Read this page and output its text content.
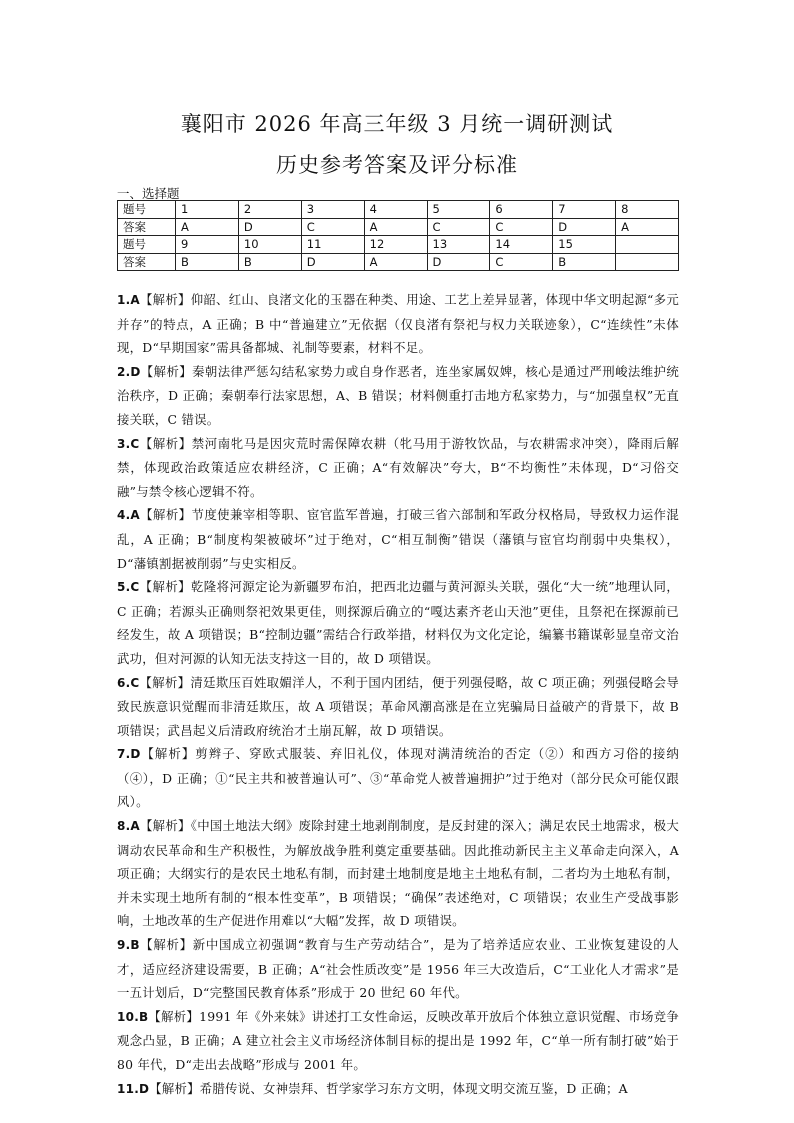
襄阳市 2026 年高三年级 3 月统一调研测试
历史参考答案及评分标准
一、选择题
题号	1	2	3	4	5	6	7	8
答案	A	D	C	A	C	C	D	A
题号	9	10	11	12	13	14	15	
答案	B	B	D	A	D	C	B	

1.A【解析】仰韶、红山、良渚文化的玉器在种类、用途、工艺上差异显著，体现中华文明起源“多元并存”的特点，A 正确；B 中“普遍建立”无依据（仅良渚有祭祀与权力关联迹象），C“连续性”未体现，D“早期国家”需具备都城、礼制等要素，材料不足。

2.D【解析】秦朝法律严惩勾结私家势力或自身作恶者，连坐家属奴婢，核心是通过严刑峻法维护统治秩序，D 正确；秦朝奉行法家思想，A、B 错误；材料侧重打击地方私家势力，与“加强皇权”无直接关联，C 错误。

3.C【解析】禁河南牝马是因灾荒时需保障农耕（牝马用于游牧饮品，与农耕需求冲突），降雨后解禁，体现政治政策适应农耕经济，C 正确；A“有效解决”夸大，B“不均衡性”未体现，D“习俗交融”与禁令核心逻辑不符。

4.A【解析】节度使兼宰相等职、宦官监军普遍，打破三省六部制和军政分权格局，导致权力运作混乱，A 正确；B“制度构架被破坏”过于绝对，C“相互制衡”错误（藩镇与宦官均削弱中央集权），D“藩镇割据被削弱”与史实相反。

5.C【解析】乾隆将河源定论为新疆罗布泊，把西北边疆与黄河源头关联，强化“大一统”地理认同，C 正确；若源头正确则祭祀效果更佳，则探源后确立的“嘎达素齐老山天池”更佳，且祭祀在探源前已经发生，故 A 项错误；B“控制边疆”需结合行政举措，材料仅为文化定论，编纂书籍谋彰显皇帝文治武功，但对河源的认知无法支持这一目的，故 D 项错误。

6.C【解析】清廷欺压百姓取媚洋人，不利于国内团结，便于列强侵略，故 C 项正确；列强侵略会导致民族意识觉醒而非清廷欺压，故 A 项错误；革命风潮高涨是在立宪骗局日益破产的背景下，故 B 项错误；武昌起义后清政府统治才土崩瓦解，故 D 项错误。

7.D【解析】剪辫子、穿欧式服装、弃旧礼仪，体现对满清统治的否定（②）和西方习俗的接纳（④），D 正确；①“民主共和被普遍认可”、③“革命党人被普遍拥护”过于绝对（部分民众可能仅跟风）。

8.A【解析】《中国土地法大纲》废除封建土地剥削制度，是反封建的深入；满足农民土地需求，极大调动农民革命和生产积极性，为解放战争胜利奠定重要基础。因此推动新民主主义革命走向深入，A 项正确；大纲实行的是农民土地私有制，而封建土地制度是地主土地私有制，二者均为土地私有制，并未实现土地所有制的“根本性变革”，B 项错误；“确保”表述绝对，C 项错误；农业生产受战事影响，土地改革的生产促进作用难以“大幅”发挥，故 D 项错误。

9.B【解析】新中国成立初强调“教育与生产劳动结合”，是为了培养适应农业、工业恢复建设的人才，适应经济建设需要，B 正确；A“社会性质改变”是 1956 年三大改造后，C“工业化人才需求”是一五计划后，D“完整国民教育体系”形成于 20 世纪 60 年代。

10.B【解析】1991 年《外来妹》讲述打工女性命运，反映改革开放后个体独立意识觉醒、市场竞争观念凸显，B 正确；A 建立社会主义市场经济体制目标的提出是 1992 年，C“单一所有制打破”始于 80 年代，D“走出去战略”形成与 2001 年。

11.D【解析】希腊传说、女神崇拜、哲学家学习东方文明，体现文明交流互鉴，D 正确；A
